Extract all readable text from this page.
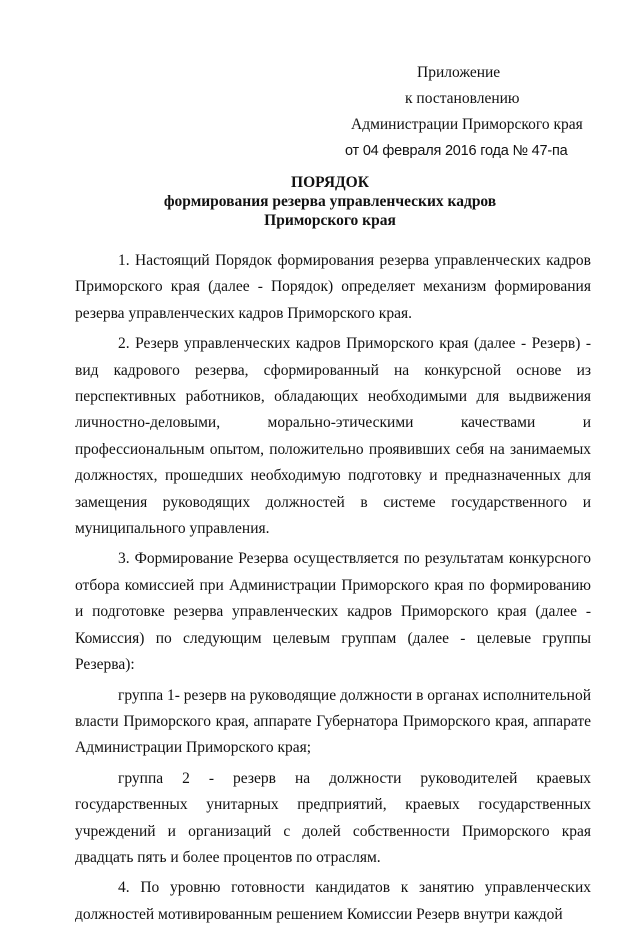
Приложение
к постановлению
Администрации Приморского края
от 04 февраля 2016 года № 47-па
ПОРЯДОК
формирования резерва управленческих кадров
Приморского края

1. Настоящий Порядок формирования резерва управленческих кадров Приморского края (далее - Порядок) определяет механизм формирования резерва управленческих кадров Приморского края.

2. Резерв управленческих кадров Приморского края (далее - Резерв) - вид кадрового резерва, сформированный на конкурсной основе из перспективных работников, обладающих необходимыми для выдвижения личностно-деловыми, морально-этическими качествами и профессиональным опытом, положительно проявивших себя на занимаемых должностях, прошедших необходимую подготовку и предназначенных для замещения руководящих должностей в системе государственного и муниципального управления.

3. Формирование Резерва осуществляется по результатам конкурсного отбора комиссией при Администрации Приморского края по формированию и подготовке резерва управленческих кадров Приморского края (далее - Комиссия) по следующим целевым группам (далее - целевые группы Резерва):

группа 1- резерв на руководящие должности в органах исполнительной власти Приморского края, аппарате Губернатора Приморского края, аппарате Администрации Приморского края;

группа 2 - резерв на должности руководителей краевых государственных унитарных предприятий, краевых государственных учреждений и организаций с долей собственности Приморского края двадцать пять и более процентов по отраслям.

4. По уровню готовности кандидатов к занятию управленческих должностей мотивированным решением Комиссии Резерв внутри каждой
